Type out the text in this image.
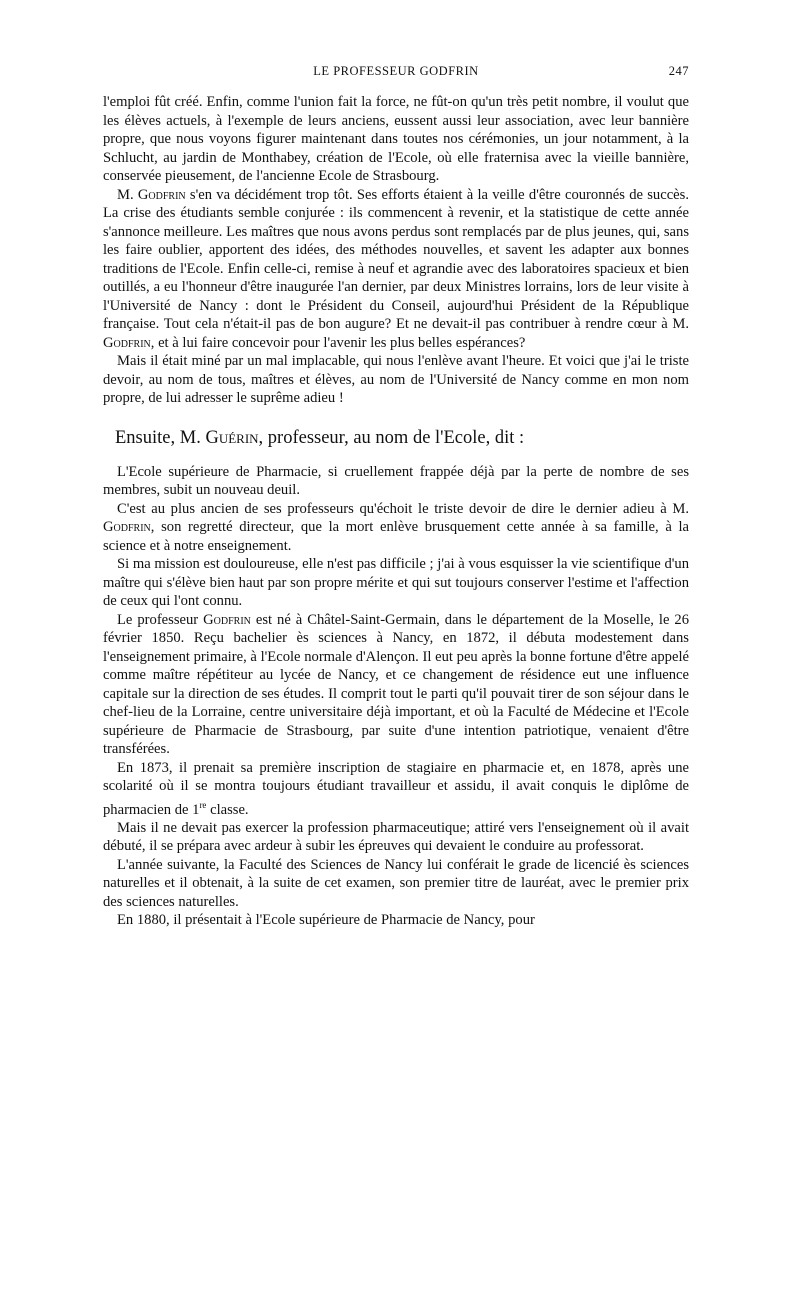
LE PROFESSEUR GODFRIN	247

l'emploi fût créé. Enfin, comme l'union fait la force, ne fût-on qu'un très petit nombre, il voulut que les élèves actuels, à l'exemple de leurs anciens, eussent aussi leur association, avec leur bannière propre, que nous voyons figurer maintenant dans toutes nos cérémonies, un jour notamment, à la Schlucht, au jardin de Monthabey, création de l'Ecole, où elle fraternisa avec la vieille bannière, conservée pieusement, de l'ancienne Ecole de Strasbourg.

M. Godfrin s'en va décidément trop tôt. Ses efforts étaient à la veille d'être couronnés de succès. La crise des étudiants semble conjurée : ils commencent à revenir, et la statistique de cette année s'annonce meilleure. Les maîtres que nous avons perdus sont remplacés par de plus jeunes, qui, sans les faire oublier, apportent des idées, des méthodes nouvelles, et savent les adapter aux bonnes traditions de l'Ecole. Enfin celle-ci, remise à neuf et agrandie avec des laboratoires spacieux et bien outillés, a eu l'honneur d'être inaugurée l'an dernier, par deux Ministres lorrains, lors de leur visite à l'Université de Nancy : dont le Président du Conseil, aujourd'hui Président de la République française. Tout cela n'était-il pas de bon augure? Et ne devait-il pas contribuer à rendre cœur à M. Godfrin, et à lui faire concevoir pour l'avenir les plus belles espérances?

Mais il était miné par un mal implacable, qui nous l'enlève avant l'heure. Et voici que j'ai le triste devoir, au nom de tous, maîtres et élèves, au nom de l'Université de Nancy comme en mon nom propre, de lui adresser le suprême adieu !

Ensuite, M. Guérin, professeur, au nom de l'Ecole, dit :

L'Ecole supérieure de Pharmacie, si cruellement frappée déjà par la perte de nombre de ses membres, subit un nouveau deuil.

C'est au plus ancien de ses professeurs qu'échoit le triste devoir de dire le dernier adieu à M. Godfrin, son regretté directeur, que la mort enlève brusquement cette année à sa famille, à la science et à notre enseignement.

Si ma mission est douloureuse, elle n'est pas difficile ; j'ai à vous esquisser la vie scientifique d'un maître qui s'élève bien haut par son propre mérite et qui sut toujours conserver l'estime et l'affection de ceux qui l'ont connu.

Le professeur Godfrin est né à Châtel-Saint-Germain, dans le département de la Moselle, le 26 février 1850. Reçu bachelier ès sciences à Nancy, en 1872, il débuta modestement dans l'enseignement primaire, à l'Ecole normale d'Alençon. Il eut peu après la bonne fortune d'être appelé comme maître répétiteur au lycée de Nancy, et ce changement de résidence eut une influence capitale sur la direction de ses études. Il comprit tout le parti qu'il pouvait tirer de son séjour dans le chef-lieu de la Lorraine, centre universitaire déjà important, et où la Faculté de Médecine et l'Ecole supérieure de Pharmacie de Strasbourg, par suite d'une intention patriotique, venaient d'être transférées.

En 1873, il prenait sa première inscription de stagiaire en pharmacie et, en 1878, après une scolarité où il se montra toujours étudiant travailleur et assidu, il avait conquis le diplôme de pharmacien de 1re classe.

Mais il ne devait pas exercer la profession pharmaceutique; attiré vers l'enseignement où il avait débuté, il se prépara avec ardeur à subir les épreuves qui devaient le conduire au professorat.

L'année suivante, la Faculté des Sciences de Nancy lui conférait le grade de licencié ès sciences naturelles et il obtenait, à la suite de cet examen, son premier titre de lauréat, avec le premier prix des sciences naturelles.

En 1880, il présentait à l'Ecole supérieure de Pharmacie de Nancy, pour
